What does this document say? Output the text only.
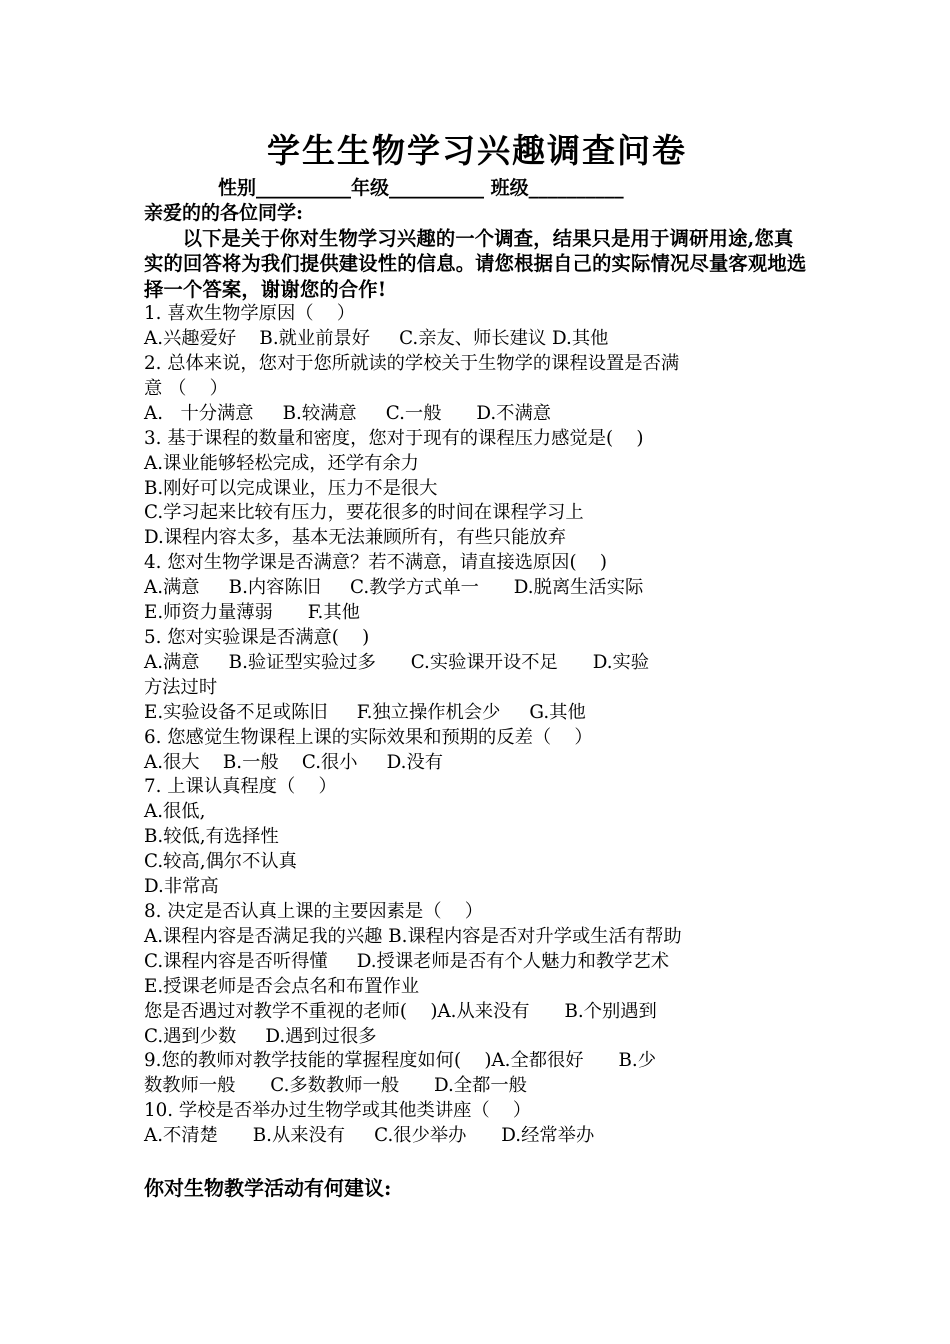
学生生物学习兴趣调查问卷
性别__________年级__________ 班级__________
亲爱的的各位同学:
以下是关于你对生物学习兴趣的一个调查，结果只是用于调研用途,您真实的回答将为我们提供建设性的信息。请您根据自己的实际情况尽量客观地选择一个答案，谢谢您的合作!
1. 喜欢生物学原因（    ）
A.兴趣爱好    B.就业前景好     C.亲友、师长建议 D.其他
2. 总体来说，您对于您所就读的学校关于生物学的课程设置是否满
意 （    ）
A.   十分满意     B.较满意     C.一般      D.不满意
3. 基于课程的数量和密度，您对于现有的课程压力感觉是(    )
A.课业能够轻松完成，还学有余力
B.刚好可以完成课业，压力不是很大
C.学习起来比较有压力，要花很多的时间在课程学习上
D.课程内容太多，基本无法兼顾所有，有些只能放弃
4. 您对生物学课是否满意？若不满意，请直接选原因(    )
A.满意     B.内容陈旧     C.教学方式单一      D.脱离生活实际
E.师资力量薄弱      F.其他
5. 您对实验课是否满意(    )
A.满意     B.验证型实验过多      C.实验课开设不足      D.实验
方法过时
E.实验设备不足或陈旧     F.独立操作机会少     G.其他
6. 您感觉生物课程上课的实际效果和预期的反差（    ）
A.很大    B.一般    C.很小     D.没有
7. 上课认真程度（    ）
A.很低,
B.较低,有选择性
C.较高,偶尔不认真
D.非常高
8. 决定是否认真上课的主要因素是（    ）
A.课程内容是否满足我的兴趣 B.课程内容是否对升学或生活有帮助
C.课程内容是否听得懂     D.授课老师是否有个人魅力和教学艺术
E.授课老师是否会点名和布置作业
您是否遇过对教学不重视的老师(    )A.从来没有      B.个别遇到
C.遇到少数     D.遇到过很多
9.您的教师对教学技能的掌握程度如何(    )A.全都很好      B.少
数教师一般      C.多数教师一般      D.全都一般
10. 学校是否举办过生物学或其他类讲座（    ）
A.不清楚      B.从来没有     C.很少举办      D.经常举办
你对生物教学活动有何建议:
